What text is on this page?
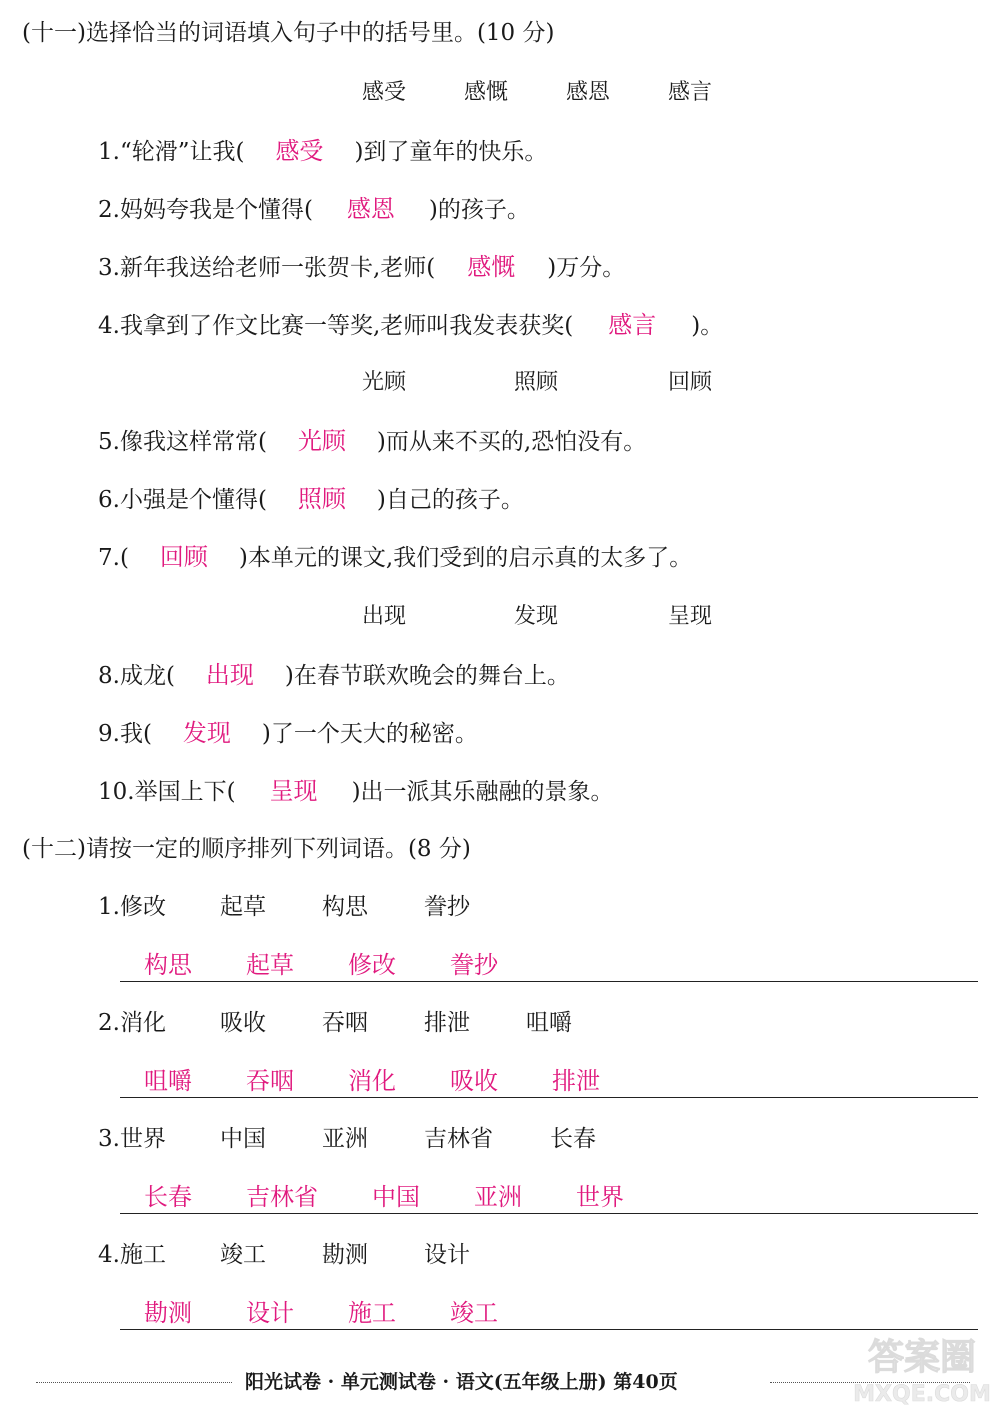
(十一)选择恰当的词语填入句子中的括号里。(10 分)
感受	感慨	感恩	感言
1.“轮滑”让我( 感受 )到了童年的快乐。
2.妈妈夸我是个懂得( 感恩 )的孩子。
3.新年我送给老师一张贺卡,老师( 感慨 )万分。
4.我拿到了作文比赛一等奖,老师叫我发表获奖( 感言 )。
光顾	照顾	回顾
5.像我这样常常( 光顾 )而从来不买的,恐怕没有。
6.小强是个懂得( 照顾 )自己的孩子。
7.( 回顾 )本单元的课文,我们受到的启示真的太多了。
出现	发现	呈现
8.成龙( 出现 )在春节联欢晚会的舞台上。
9.我( 发现 )了一个天大的秘密。
10.举国上下( 呈现 )出一派其乐融融的景象。
(十二)请按一定的顺序排列下列词语。(8 分)
1.修改 起草 构思 誊抄
构思 起草 修改 誊抄
2.消化 吸收 吞咽 排泄 咀嚼
咀嚼 吞咽 消化 吸收 排泄
3.世界 中国 亚洲 吉林省 长春
长春 吉林省 中国 亚洲 世界
4.施工 竣工 勘测 设计
勘测 设计 施工 竣工
阳光试卷 · 单元测试卷 · 语文(五年级上册) 第40页
答案圈
MXQE.COM
